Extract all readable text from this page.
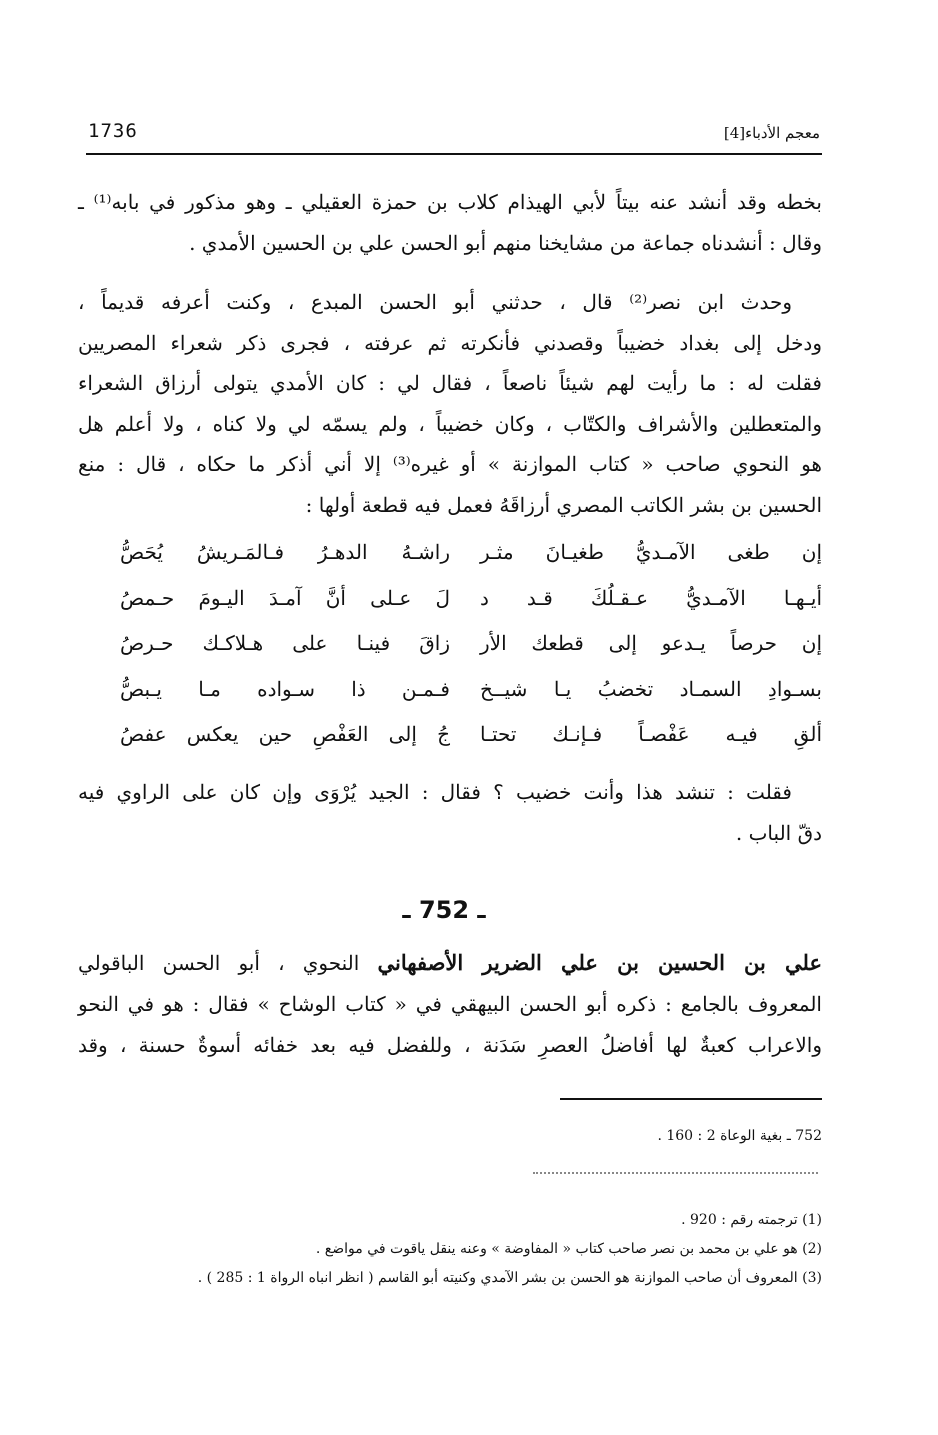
1736	معجم الأدباء[4]
بخطه وقد أنشد عنه بيتاً لأبي الهيذام كلاب بن حمزة العقيلي ـ وهو مذكور في بابه⁽¹⁾ ـ
وقال : أنشدناه جماعة من مشايخنا منهم أبو الحسن علي بن الحسين الأمدي .
وحدث ابن نصر⁽²⁾ قال ، حدثني أبو الحسن المبدع ، وكنت أعرفه قديماً ،
ودخل إلى بغداد خضيباً وقصدني فأنكرته ثم عرفته ، فجرى ذكر شعراء المصريين
فقلت له : ما رأيت لهم شيئاً ناصعاً ، فقال لي : كان الأمدي يتولى أرزاق الشعراء
والمتعطلين والأشراف والكتّاب ، وكان خضيباً ، ولم يسمّه لي ولا كناه ، ولا أعلم هل
هو النحوي صاحب « كتاب الموازنة » أو غيره⁽³⁾ إلا أني أذكر ما حكاه ، قال : منع
الحسين بن بشر الكاتب المصري أرزاقَهُ فعمل فيه قطعة أولها :
إن طغى الآمـديُّ طغيـانَ مثـر
راشـهُ الدهـرُ فـالمَـريشُ يُحَصُّ
أيـهـا الآمـديُّ عـقـلُكَ قـد د
لَ عـلى أنَّ آمـدَ اليـومَ حـمصُ
إن حرصاً يـدعو إلى قطعك الأر
زاقَ فينـا على هـلاكـك حـرصُ
بسـوادِ السمـاد تخضبُ يـا شيــخ
فـمـن ذا سـواده مـا يـبصُّ
ألقِ فيـه عَفْصـاً فـإنـك تحتـا
جُ إلى العَفْصِ حين يعكس عفصُ
فقلت : تنشد هذا وأنت خضيب ؟ فقال : الجيد يُرْوَى وإن كان على الراوي فيه
دقّ الباب .
ـ 752 ـ
علي بن الحسين بن علي الضرير الأصفهاني النحوي ، أبو الحسن الباقولي
المعروف بالجامع : ذكره أبو الحسن البيهقي في « كتاب الوشاح » فقال : هو في النحو
والاعراب كعبةٌ لها أفاضلُ العصرِ سَدَنة ، وللفضل فيه بعد خفائه أسوةٌ حسنة ، وقد
752 ـ بغية الوعاة 2 : 160 .
(1) ترجمته رقم : 920 .
(2) هو علي بن محمد بن نصر صاحب كتاب « المفاوضة » وعنه ينقل ياقوت في مواضع .
(3) المعروف أن صاحب الموازنة هو الحسن بن بشر الآمدي وكنيته أبو القاسم ( انظر انباه الرواة 1 : 285 ) .
